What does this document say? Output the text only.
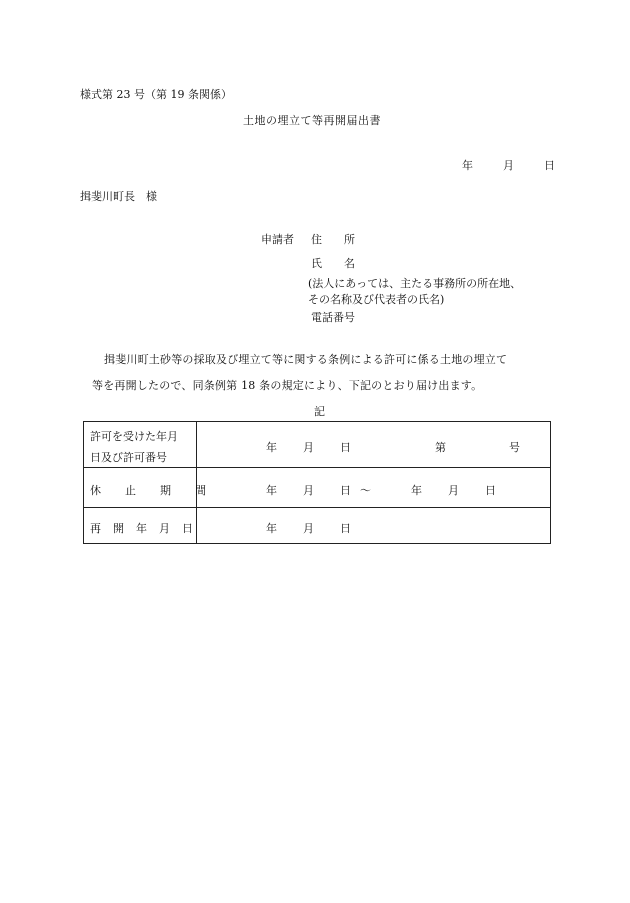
様式第 23 号（第 19 条関係）
土地の埋立て等再開届出書
年	月	日
揖斐川町長　様
申請者 住　　所
氏　　名
(法人にあっては、主たる事務所の所在地、
その名称及び代表者の氏名)
電話番号
揖斐川町土砂等の採取及び埋立て等に関する条例による許可に係る土地の埋立て
等を再開したので、同条例第 18 条の規定により、下記のとおり届け出ます。
記
許可を受けた年月
日及び許可番号
年 月 日	第	号
休止期間	年 月 日 ～	年 月 日
再開年月日	年 月 日
